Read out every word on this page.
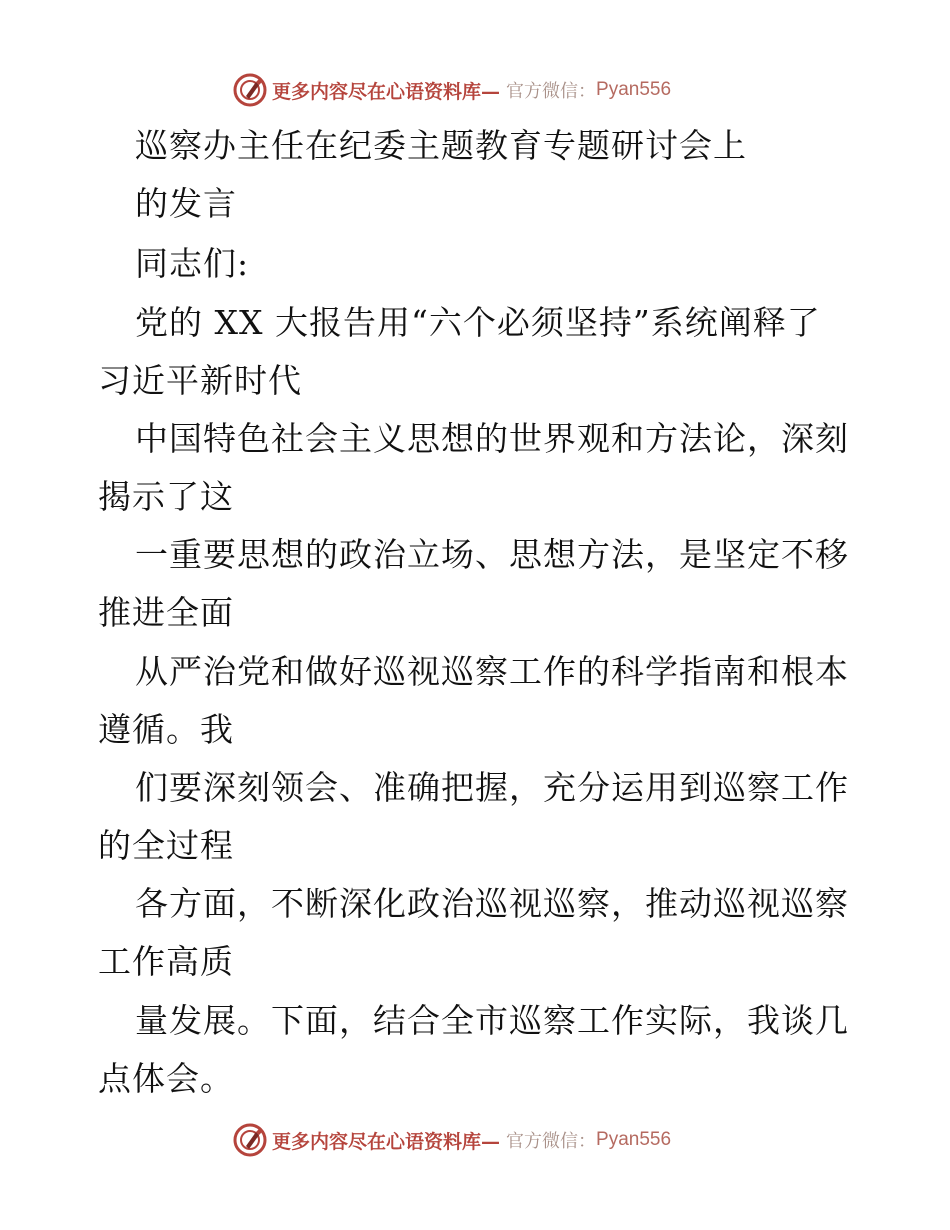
更多内容尽在心语资料库— 官方微信： Pyan556
巡察办主任在纪委主题教育专题研讨会上
的发言
同志们:
党的 XX 大报告用“六个必须坚持”系统阐释了
习近平新时代
中国特色社会主义思想的世界观和方法论，深刻
揭示了这
一重要思想的政治立场、思想方法，是坚定不移
推进全面
从严治党和做好巡视巡察工作的科学指南和根本
遵循。我
们要深刻领会、准确把握，充分运用到巡察工作
的全过程
各方面，不断深化政治巡视巡察，推动巡视巡察
工作高质
量发展。下面，结合全市巡察工作实际，我谈几
点体会。
更多内容尽在心语资料库— 官方微信： Pyan556
